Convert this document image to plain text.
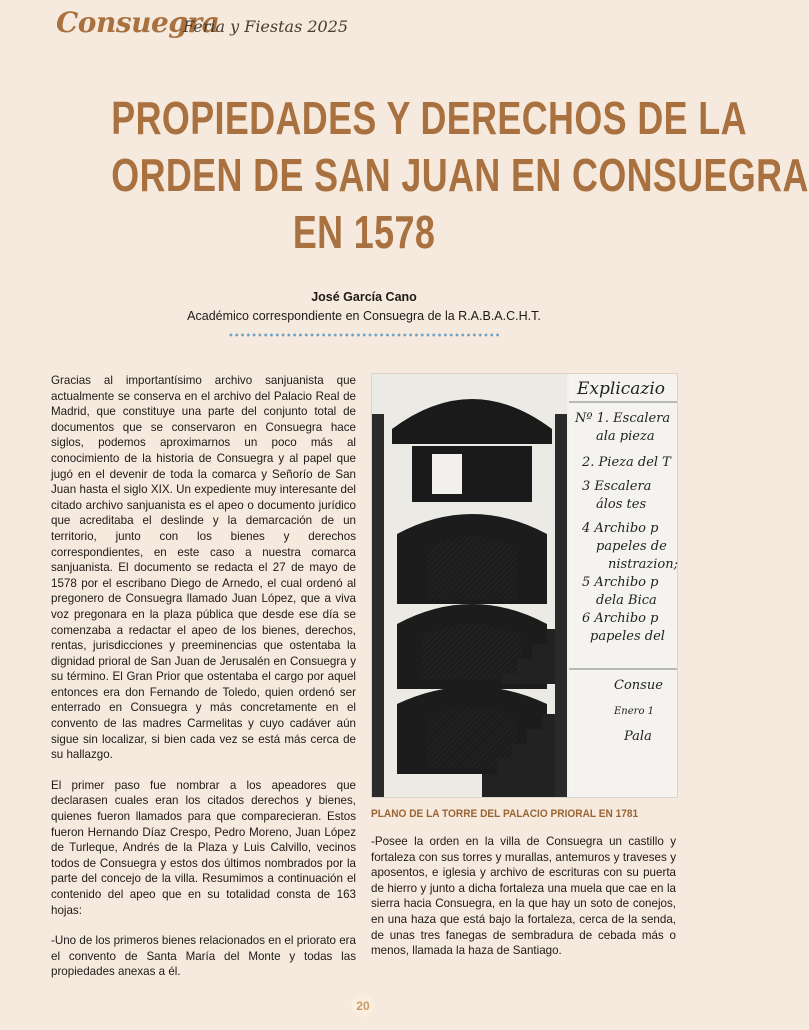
Consuegra
Feria y Fiestas 2025
PROPIEDADES Y DERECHOS DE LA
ORDEN DE SAN JUAN EN CONSUEGRA
EN 1578
José García Cano
Académico correspondiente en Consuegra de la R.A.B.A.C.H.T.

Gracias al importantísimo archivo sanjuanista que actualmente se conserva en el archivo del Palacio Real de Madrid, que constituye una parte del conjunto total de documentos que se conservaron en Consuegra hace siglos, podemos aproximarnos un poco más al conocimiento de la historia de Consuegra y al papel que jugó en el devenir de toda la comarca y Señorío de San Juan hasta el siglo XIX. Un expediente muy interesante del citado archivo sanjuanista es el apeo o documento jurídico que acreditaba el deslinde y la demarcación de un territorio, junto con los bienes y derechos correspondientes, en este caso a nuestra comarca sanjuanista. El documento se redacta el 27 de mayo de 1578 por el escribano Diego de Arnedo, el cual ordenó al pregonero de Consuegra llamado Juan López, que a viva voz pregonara en la plaza pública que desde ese día se comenzaba a redactar el apeo de los bienes, derechos, rentas, jurisdicciones y preeminencias que ostentaba la dignidad prioral de San Juan de Jerusalén en Consuegra y su término. El Gran Prior que ostentaba el cargo por aquel entonces era don Fernando de Toledo, quien ordenó ser enterrado en Consuegra y más concretamente en el convento de las madres Carmelitas y cuyo cadáver aún sigue sin localizar, si bien cada vez se está más cerca de su hallazgo.

El primer paso fue nombrar a los apeadores que declarasen cuales eran los citados derechos y bienes, quienes fueron llamados para que comparecieran. Estos fueron Hernando Díaz Crespo, Pedro Moreno, Juan López de Turleque, Andrés de la Plaza y Luis Calvillo, vecinos todos de Consuegra y estos dos últimos nombrados por la parte del concejo de la villa. Resumimos a continuación el contenido del apeo que en su totalidad consta de 163 hojas:

-Uno de los primeros bienes relacionados en el priorato era el convento de Santa María del Monte y todas las propiedades anexas a él.

Explicazio
Nº 1. Escalera
ala pieza
2. Pieza del T
3 Escalera
álos tes
4 Archibo p
papeles de
nistrazion;
5 Archibo p
dela Bica
6 Archibo p
papeles del
Consue
Enero 1
Pala
PLANO DE LA TORRE DEL PALACIO PRIORAL EN 1781

-Posee la orden en la villa de Consuegra un castillo y fortaleza con sus torres y murallas, antemuros y traveses y aposentos, e iglesia y archivo de escrituras con su puerta de hierro y junto a dicha fortaleza una muela que cae en la sierra hacia Consuegra, en la que hay un soto de conejos, en una haza que está bajo la fortaleza, cerca de la senda, de unas tres fanegas de sembradura de cebada más o menos, llamada la haza de Santiago.

20
